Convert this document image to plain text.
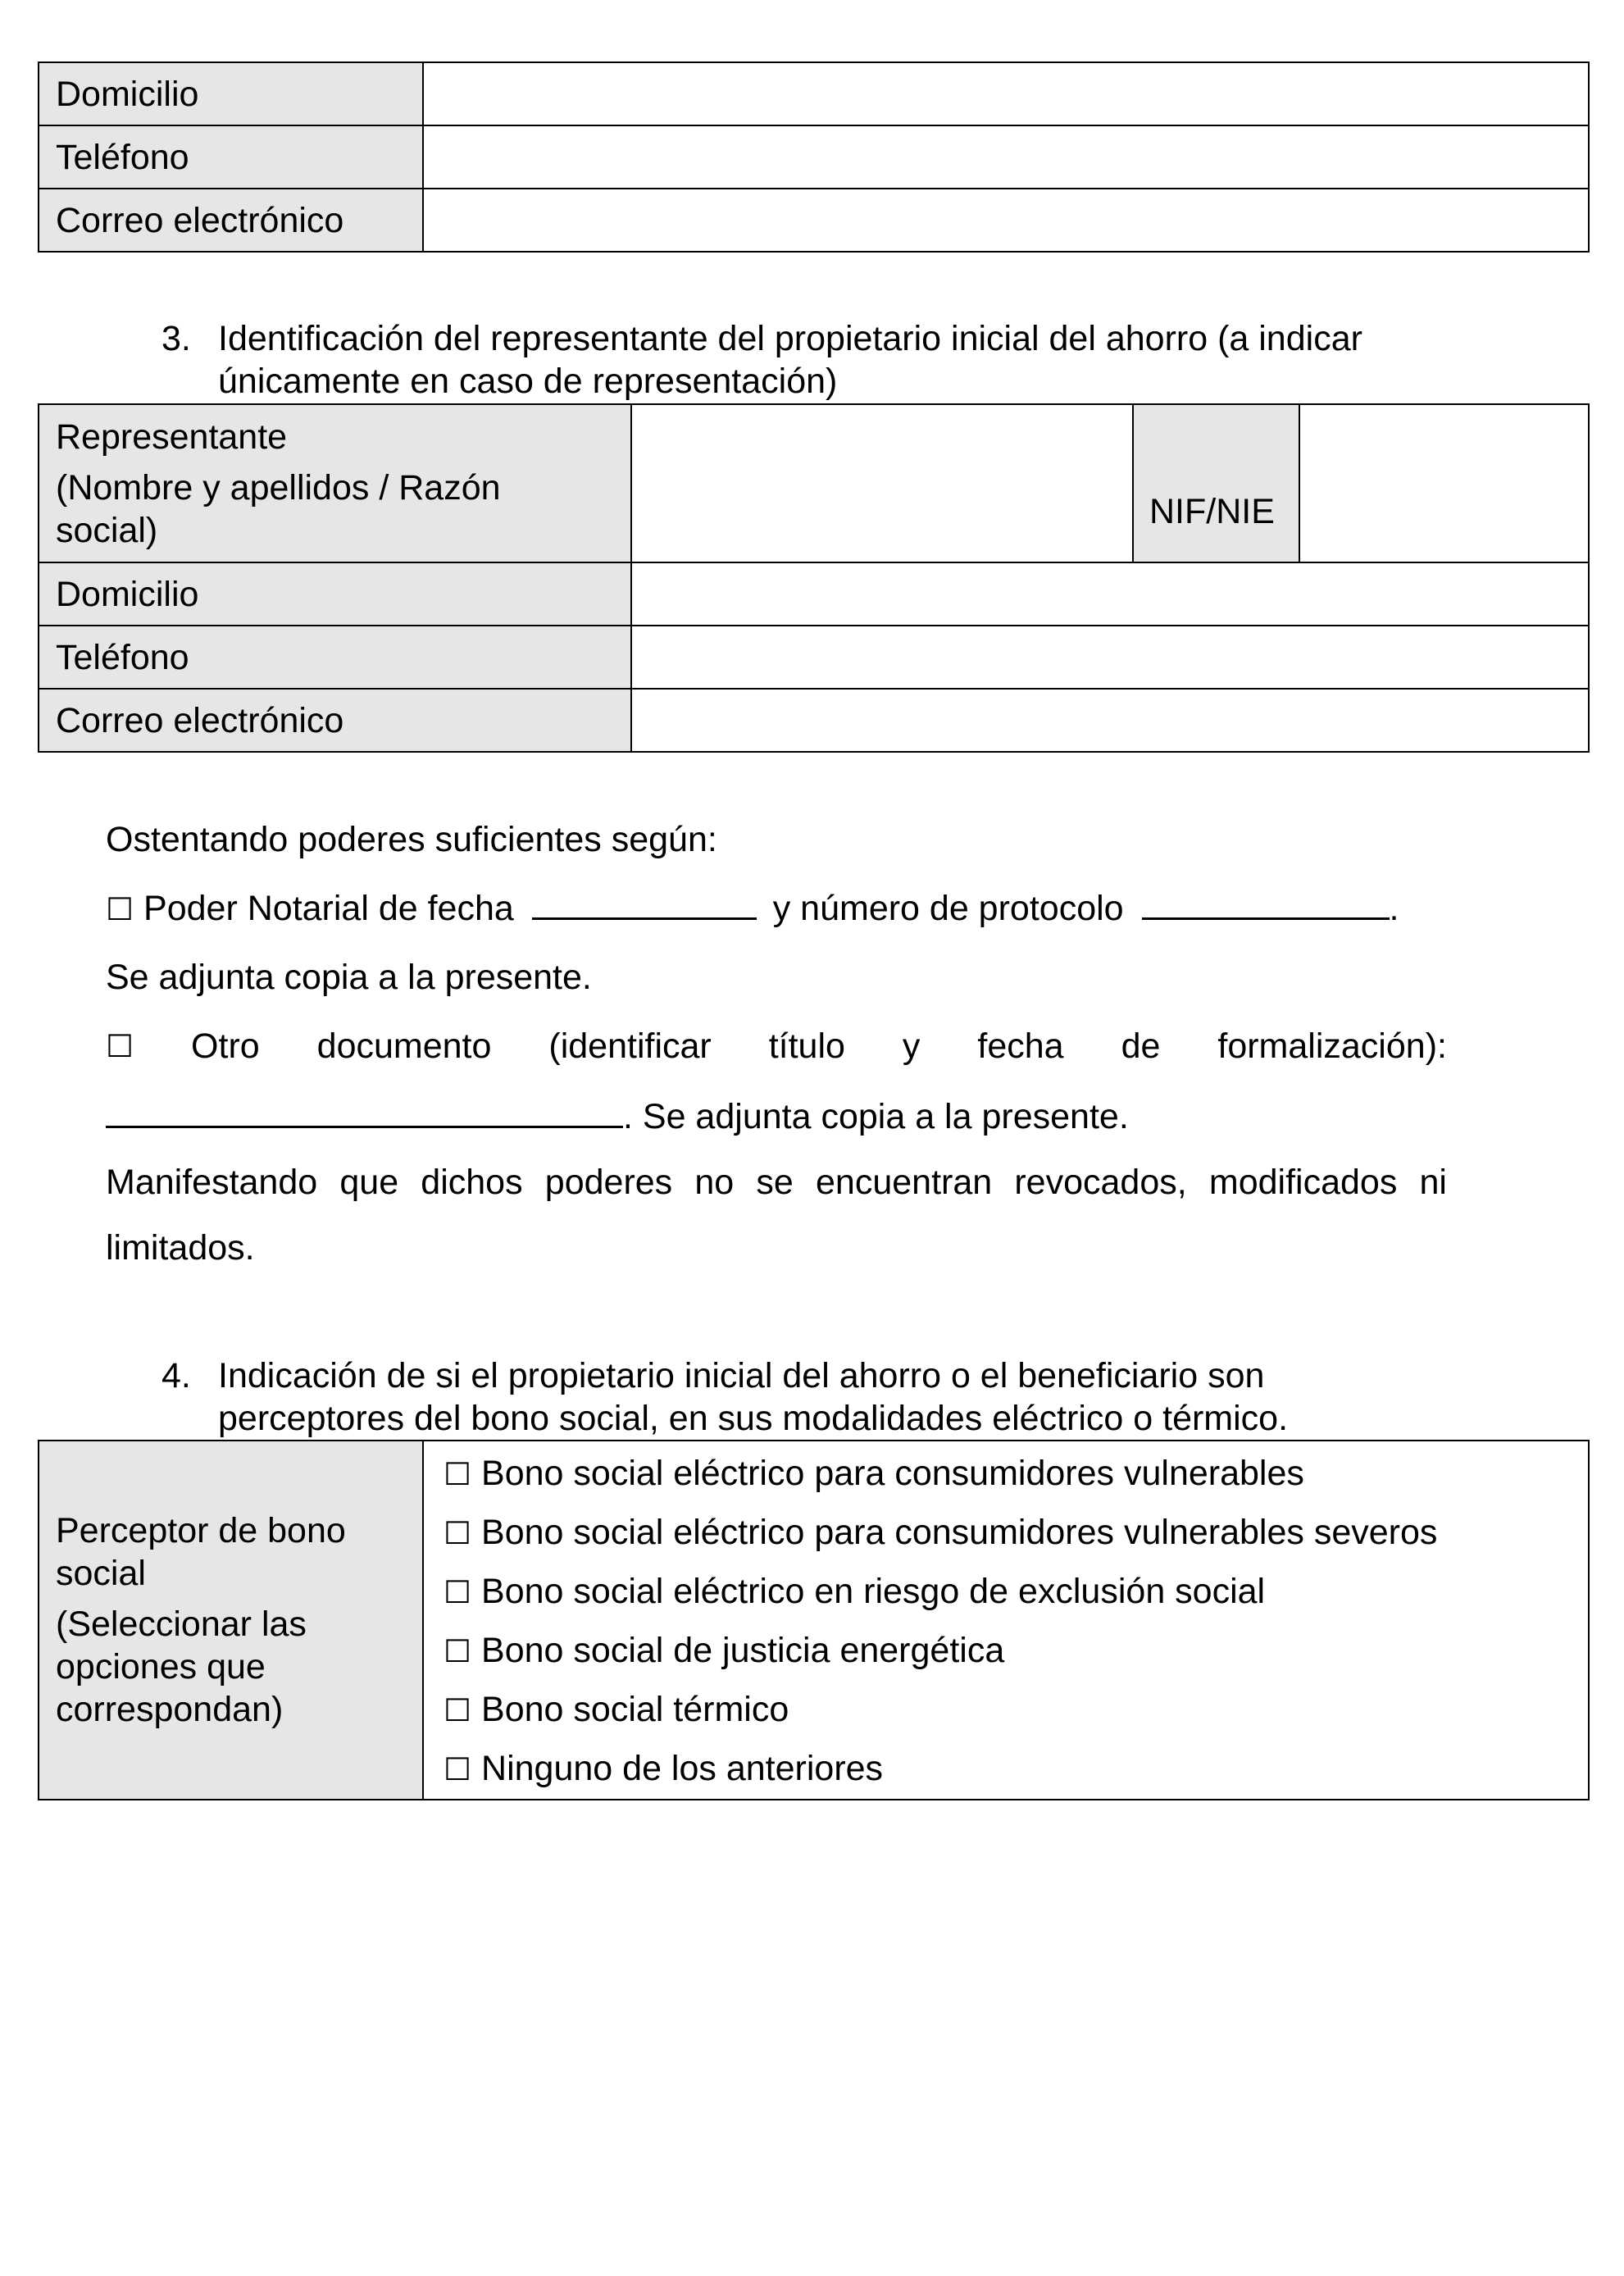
Domicilio	
Teléfono	
Correo electrónico	
3. Identificación del representante del propietario inicial del ahorro (a indicar
únicamente en caso de representación)
Representante
(Nombre y apellidos / Razón
social)		NIF/NIE	
Domicilio			
Teléfono			
Correo electrónico			

Ostentando poderes suficientes según:

☐ Poder Notarial de fecha	y número de protocolo	.

Se adjunta copia a la presente.

☐ Otro documento (identificar título y fecha de formalización):

. Se adjunta copia a la presente.

Manifestando que dichos poderes no se encuentran revocados, modificados ni

limitados.

4. Indicación de si el propietario inicial del ahorro o el beneficiario son
perceptores del bono social, en sus modalidades eléctrico o térmico.
Perceptor de bono
social
(Seleccionar las
opciones que
correspondan)

☐ Bono social eléctrico para consumidores vulnerables
☐ Bono social eléctrico para consumidores vulnerables severos
☐ Bono social eléctrico en riesgo de exclusión social
☐ Bono social de justicia energética
☐ Bono social térmico
☐ Ninguno de los anteriores
